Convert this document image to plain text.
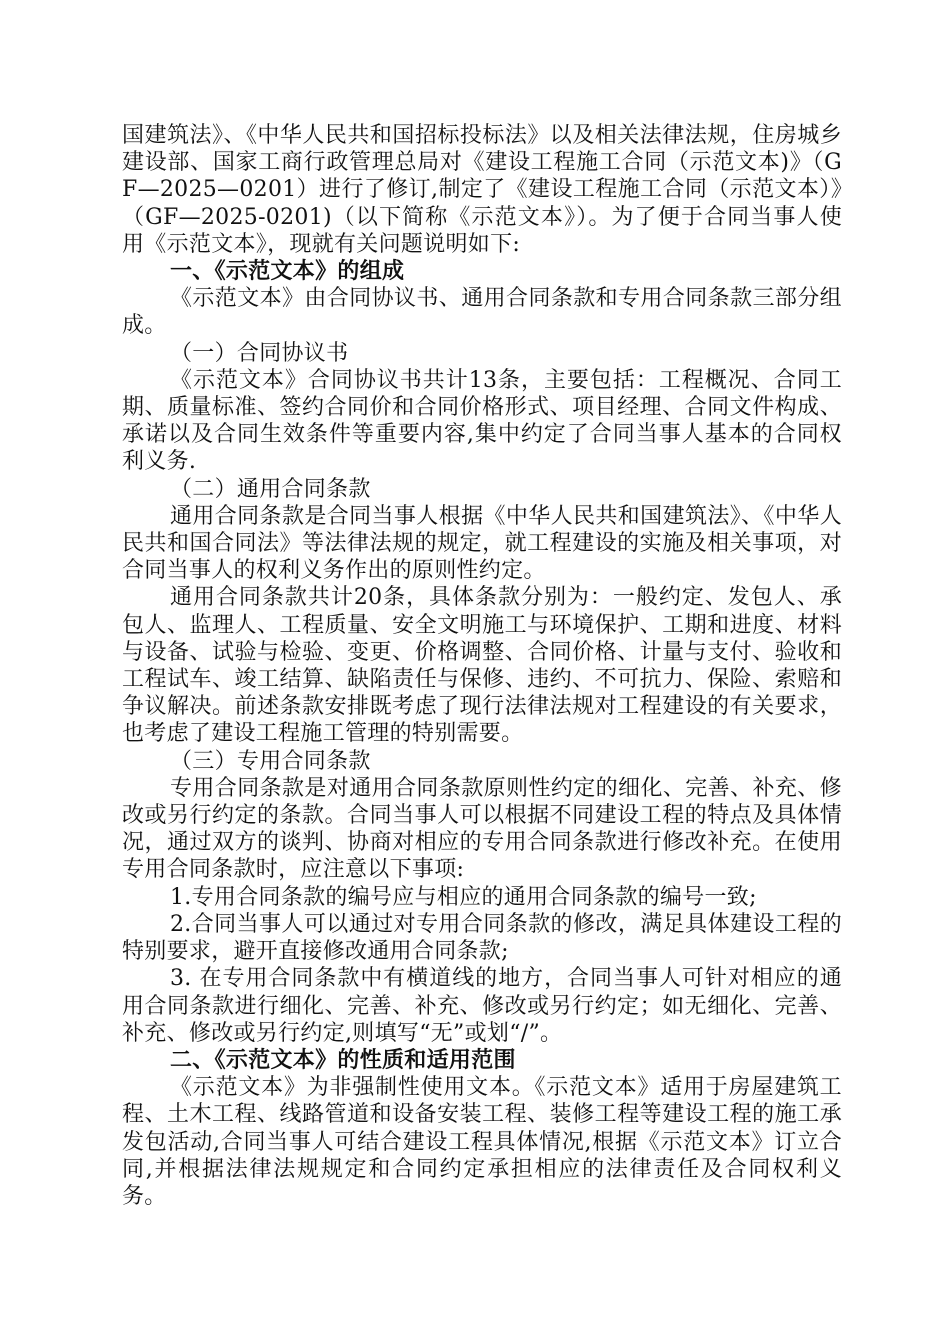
国建筑法》、《中华人民共和国招标投标法》以及相关法律法规，住房城乡建设部、国家工商行政管理总局对《建设工程施工合同（示范文本)》（GF—2025—0201）进行了修订,制定了《建设工程施工合同（示范文本）》（GF—2025-0201)（以下简称《示范文本》）。为了便于合同当事人使用《示范文本》，现就有关问题说明如下:

一、《示范文本》的组成

《示范文本》由合同协议书、通用合同条款和专用合同条款三部分组成。

（一）合同协议书

《示范文本》合同协议书共计13条，主要包括：工程概况、合同工期、质量标准、签约合同价和合同价格形式、项目经理、合同文件构成、承诺以及合同生效条件等重要内容,集中约定了合同当事人基本的合同权利义务.

（二）通用合同条款

通用合同条款是合同当事人根据《中华人民共和国建筑法》、《中华人民共和国合同法》等法律法规的规定，就工程建设的实施及相关事项，对合同当事人的权利义务作出的原则性约定。

通用合同条款共计20条，具体条款分别为：一般约定、发包人、承包人、监理人、工程质量、安全文明施工与环境保护、工期和进度、材料与设备、试验与检验、变更、价格调整、合同价格、计量与支付、验收和工程试车、竣工结算、缺陷责任与保修、违约、不可抗力、保险、索赔和争议解决。前述条款安排既考虑了现行法律法规对工程建设的有关要求，也考虑了建设工程施工管理的特别需要。

（三）专用合同条款

专用合同条款是对通用合同条款原则性约定的细化、完善、补充、修改或另行约定的条款。合同当事人可以根据不同建设工程的特点及具体情况，通过双方的谈判、协商对相应的专用合同条款进行修改补充。在使用专用合同条款时，应注意以下事项:

1.专用合同条款的编号应与相应的通用合同条款的编号一致;

2.合同当事人可以通过对专用合同条款的修改，满足具体建设工程的特别要求，避开直接修改通用合同条款;

3. 在专用合同条款中有横道线的地方，合同当事人可针对相应的通用合同条款进行细化、完善、补充、修改或另行约定；如无细化、完善、补充、修改或另行约定,则填写“无”或划“/”。

二、《示范文本》的性质和适用范围

《示范文本》为非强制性使用文本。《示范文本》适用于房屋建筑工程、土木工程、线路管道和设备安装工程、装修工程等建设工程的施工承发包活动,合同当事人可结合建设工程具体情况,根据《示范文本》订立合同,并根据法律法规规定和合同约定承担相应的法律责任及合同权利义务。
